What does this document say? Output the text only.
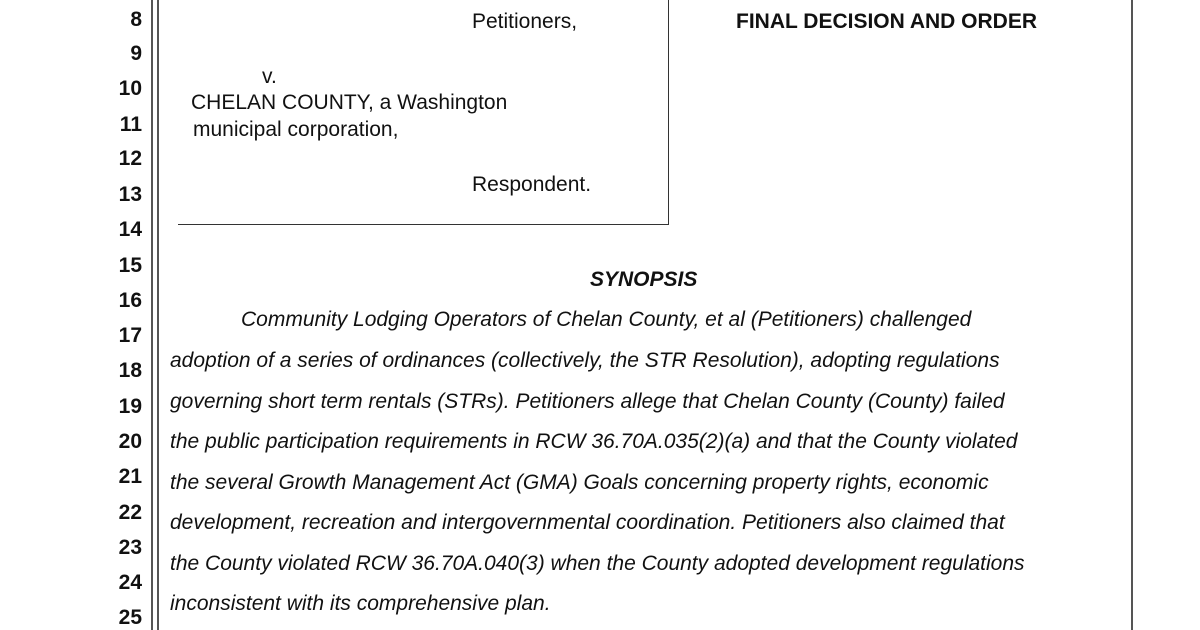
8
9
10
11
12
13
14
15
16
17
18
19
20
21
22
23
24
25
Petitioners,
v.
CHELAN COUNTY, a Washington
municipal corporation,
Respondent.
FINAL DECISION AND ORDER
SYNOPSIS
Community Lodging Operators of Chelan County, et al (Petitioners) challenged
adoption of a series of ordinances (collectively, the STR Resolution), adopting regulations
governing short term rentals (STRs). Petitioners allege that Chelan County (County) failed
the public participation requirements in RCW 36.70A.035(2)(a) and that the County violated
the several Growth Management Act (GMA) Goals concerning property rights, economic
development, recreation and intergovernmental coordination. Petitioners also claimed that
the County violated RCW 36.70A.040(3) when the County adopted development regulations
inconsistent with its comprehensive plan.
